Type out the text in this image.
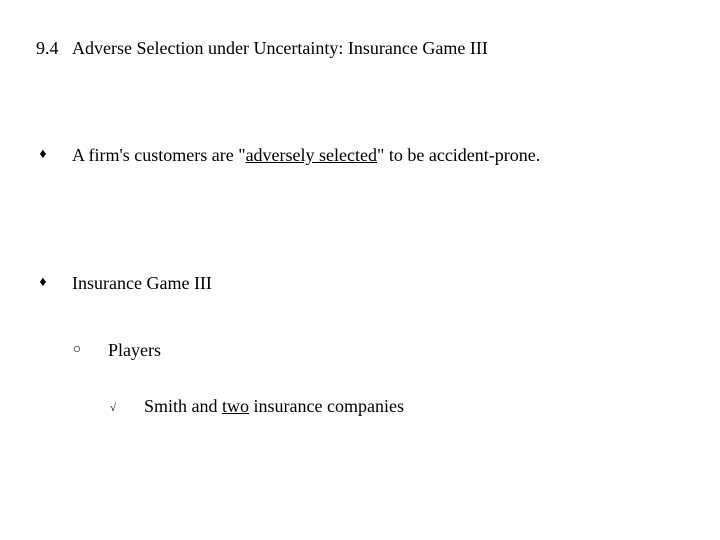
9.4 Adverse Selection under Uncertainty: Insurance Game III
♦ A firm's customers are "adversely selected" to be accident-prone.
♦ Insurance Game III
○ Players
√ Smith and two insurance companies
